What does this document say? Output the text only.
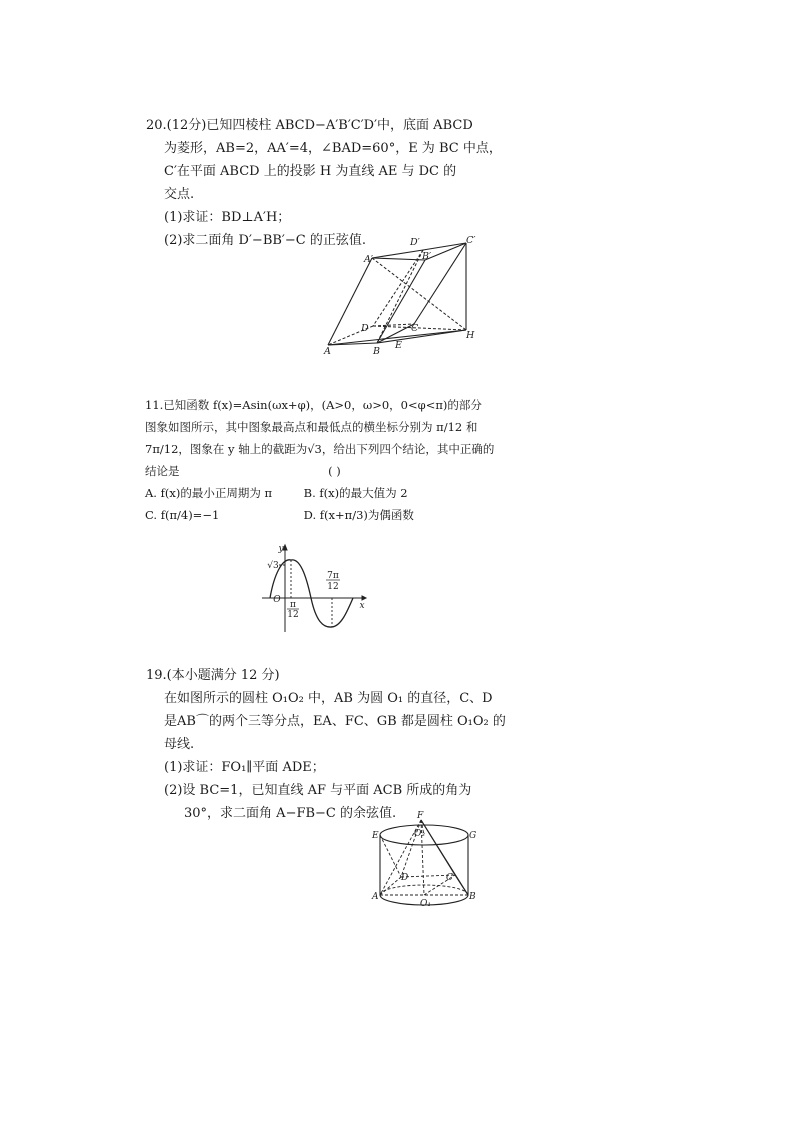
20.(12分)已知四棱柱 ABCD−A′B′C′D′中，底面 ABCD
为菱形，AB=2，AA′=4，∠BAD=60°，E 为 BC 中点，
C′在平面 ABCD 上的投影 H 为直线 AE 与 DC 的
交点.
(1)求证：BD⊥A′H；
(2)求二面角 D′−BB′−C 的正弦值.
A′
D′
B′
C′
D	C
H
A	B
E
11.已知函数 f(x)=Asin(ωx+φ)，(A>0，ω>0，0<φ<π)的部分
图象如图所示，其中图象最高点和最低点的横坐标分别为 π/12 和
7π/12，图象在 y 轴上的截距为√3，给出下列四个结论，其中正确的
结论是	( )
A. f(x)的最小正周期为 π	B. f(x)的最大值为 2
C. f(π/4)=−1	D. f(x+π/3)为偶函数
y
x
O
√3
π
12
7π
12
19.(本小题满分 12 分)
在如图所示的圆柱 O₁O₂ 中，AB 为圆 O₁ 的直径，C、D
是AB⌒的两个三等分点，EA、FC、GB 都是圆柱 O₁O₂ 的
母线.
(1)求证：FO₁∥平面 ADE；
(2)设 BC=1，已知直线 AF 与平面 ACB 所成的角为
30°，求二面角 A−FB−C 的余弦值.	F
E	G
O₂
D	C
A	B
O₁
